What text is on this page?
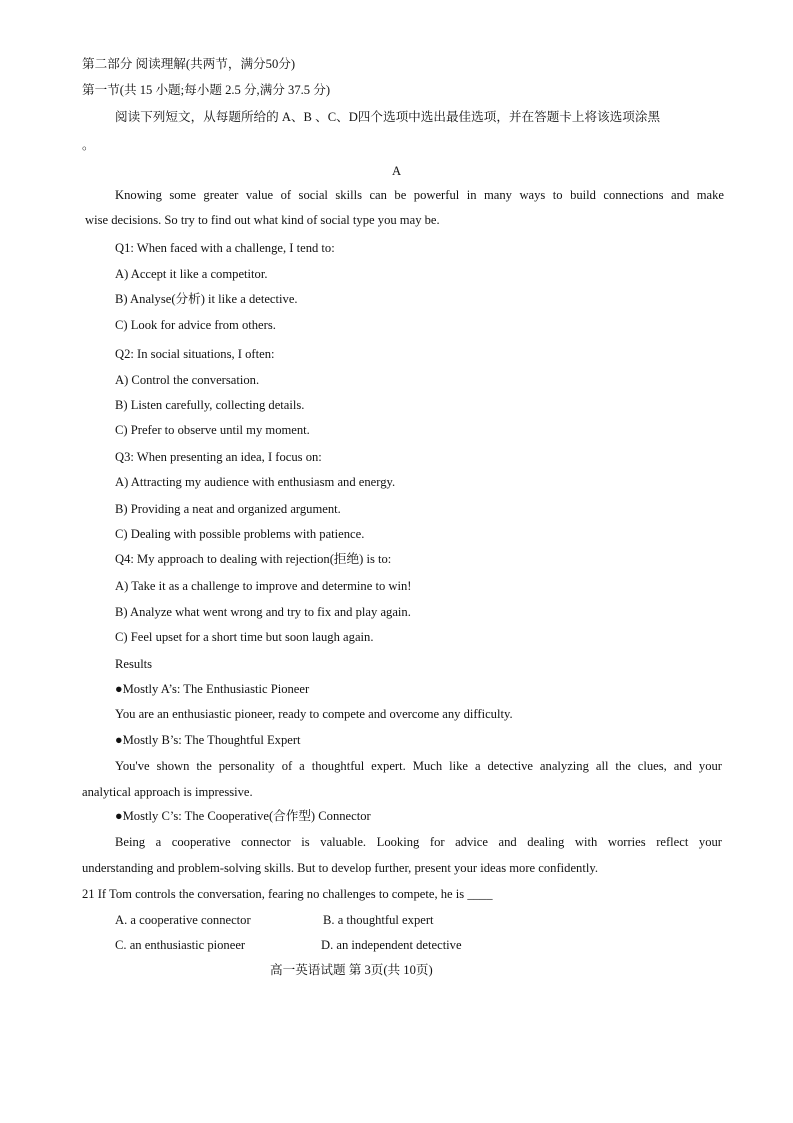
第二部分 阅读理解(共两节，满分50分)
第一节(共 15 小题;每小题 2.5 分,满分 37.5 分)
阅读下列短文，从每题所给的 A、B 、C、D四个选项中选出最佳选项，并在答题卡上将该选项涂黑
。
A
Knowing some greater value of social skills can be powerful in many ways to build connections and make
wise decisions. So try to find out what kind of social type you may be.
Q1: When faced with a challenge, I tend to:
A) Accept it like a competitor.
B) Analyse(分析) it like a detective.
C) Look for advice from others.
Q2: In social situations, I often:
A) Control the conversation.
B) Listen carefully, collecting details.
C) Prefer to observe until my moment.
Q3: When presenting an idea, I focus on:
A) Attracting my audience with enthusiasm and energy.
B) Providing a neat and organized argument.
C) Dealing with possible problems with patience.
Q4: My approach to dealing with rejection(拒绝) is to:
A) Take it as a challenge to improve and determine to win!
B) Analyze what went wrong and try to fix and play again.
C) Feel upset for a short time but soon laugh again.
Results
●Mostly A’s: The Enthusiastic Pioneer
You are an enthusiastic pioneer, ready to compete and overcome any difficulty.
●Mostly B’s: The Thoughtful Expert
You've shown the personality of a thoughtful expert. Much like a detective analyzing all the clues, and your
analytical approach is impressive.
●Mostly C’s: The Cooperative(合作型) Connector
Being a cooperative connector is valuable. Looking for advice and dealing with worries reflect your
understanding and problem-solving skills. But to develop further, present your ideas more confidently.
21 If Tom controls the conversation, fearing no challenges to compete, he is ____
A. a cooperative connector	B. a thoughtful expert
C. an enthusiastic pioneer	D. an independent detective
高一英语试题 第 3页(共 10页)
